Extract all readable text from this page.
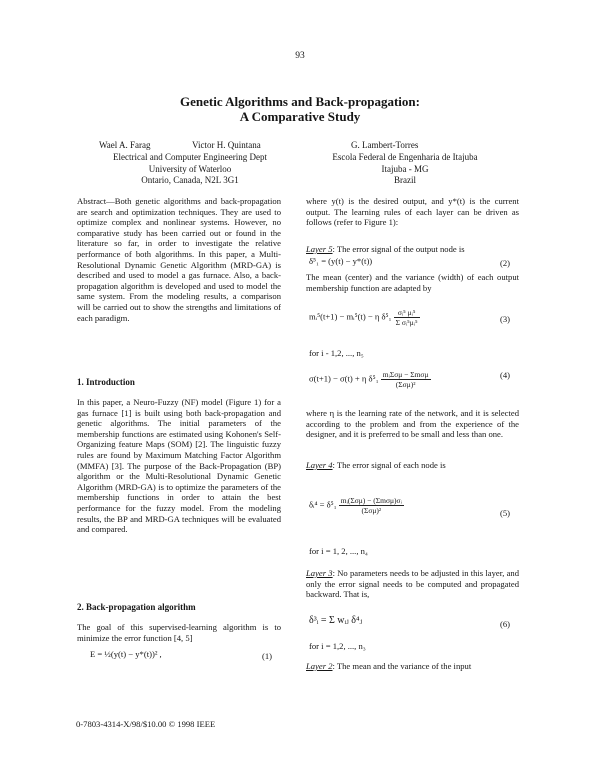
93
Genetic Algorithms and Back-propagation:
A Comparative Study
Wael A. Farag	Victor H. Quintana	G. Lambert-Torres
Electrical and Computer Engineering Dept
University of Waterloo
Ontario, Canada, N2L 3G1
Escola Federal de Engenharia de Itajuba
Itajuba - MG
Brazil
Abstract—Both genetic algorithms and back-propagation are search and optimization techniques. They are used to optimize complex and nonlinear systems. However, no comparative study has been carried out or found in the literature so far, in order to investigate the relative performance of both algorithms. In this paper, a Multi-Resolutional Dynamic Genetic Algorithm (MRD-GA) is described and used to model a gas furnace. Also, a back-propagation algorithm is developed and used to model the same system. From the modeling results, a comparison will be carried out to show the strengths and limitations of each paradigm.
1. Introduction
In this paper, a Neuro-Fuzzy (NF) model (Figure 1) for a gas furnace [1] is built using both back-propagation and genetic algorithms. The initial parameters of the membership functions are estimated using Kohonen's Self-Organizing feature Maps (SOM) [2]. The linguistic fuzzy rules are found by Maximum Matching Factor Algorithm (MMFA) [3]. The purpose of the Back-Propagation (BP) algorithm or the Multi-Resolutional Dynamic Genetic Algorithm (MRD-GA) is to optimize the parameters of the membership functions in order to attain the best performance for the fuzzy model. From the modeling results, the BP and MRD-GA techniques will be evaluated and compared.
2. Back-propagation algorithm
The goal of this supervised-learning algorithm is to minimize the error function [4, 5]
E = ½(y(t) − y*(t))² ,	(1)
where y(t) is the desired output, and y*(t) is the current output. The learning rules of each layer can be driven as follows (refer to Figure 1):
Layer 5: The error signal of the output node is
δ⁵₁ = (y(t) − y*(t))	(2)
The mean (center) and the variance (width) of each output membership function are adapted by
mᵢ⁵(t+1) − mᵢ⁵(t) − η $\delta^5_1 \frac{\text{σᵢ⁵ μᵢ⁵}}{\text{Σ σᵢ⁵μᵢ⁵}}$	(3)
for i - 1,2, ..., n₅
σ(t+1) − σ(t) + η $\delta^5_1 \frac{\text{mᵢΣσμ − Σmσμ}}{\text{(Σσμ)²}}$	(4)
where η is the learning rate of the network, and it is selected according to the problem and from the experience of the designer, and it is preferred to be small and less than one.
Layer 4: The error signal of each node is
δᵢ⁴ = $\delta^5_1 \frac{\text{mᵢ(Σσμ) − (Σmσμ)σᵢ}}{\text{(Σσμ)²}}$	(5)
for i = 1, 2, ..., n₄
Layer 3: No parameters needs to be adjusted in this layer, and only the error signal needs to be computed and propagated backward. That is,
δ³ᵢ = Σ wᵢⱼ δ⁴ⱼ	(6)
for i = 1,2, ..., n₃
Layer 2: The mean and the variance of the input
0-7803-4314-X/98/$10.00 © 1998 IEEE
